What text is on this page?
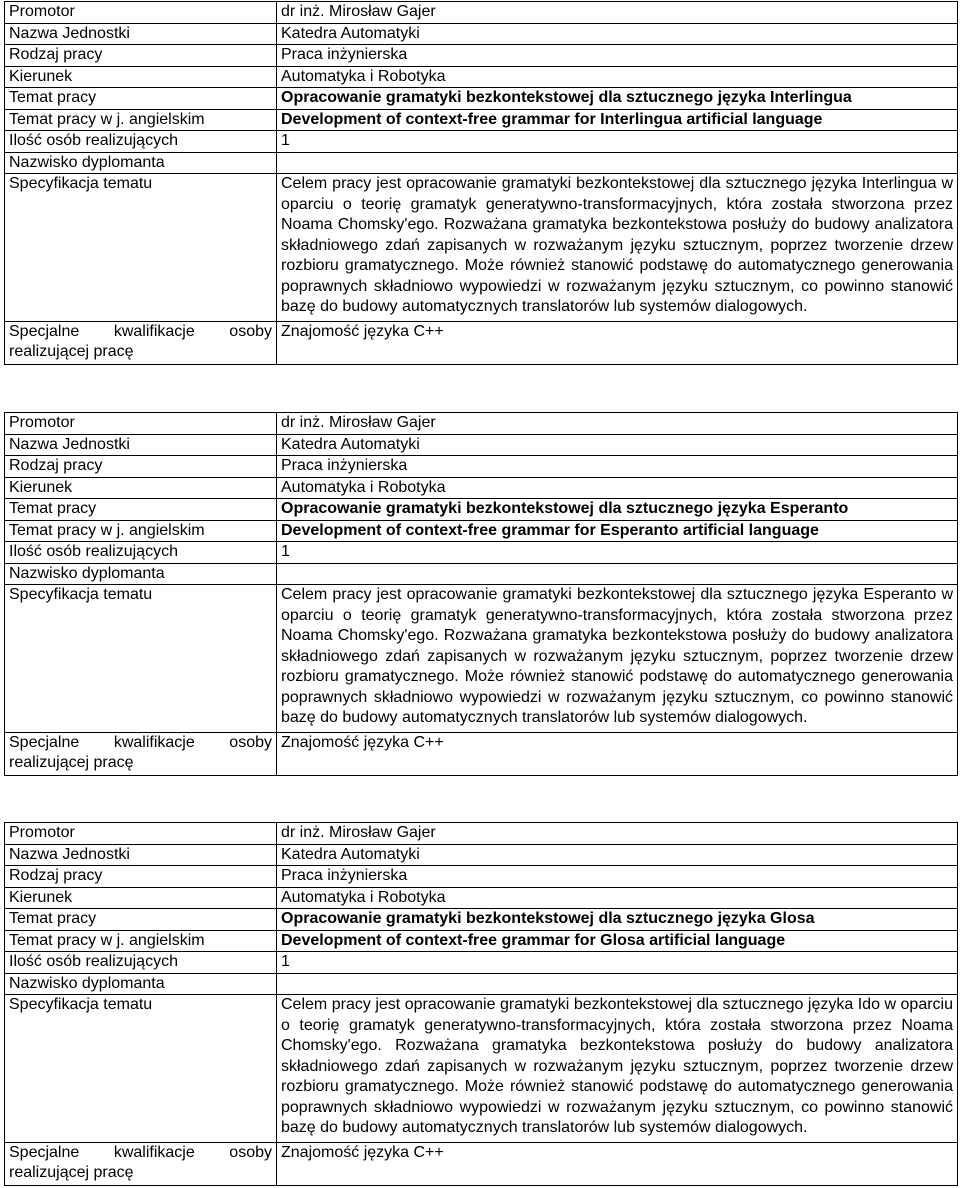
Promotor	dr inż. Mirosław Gajer
Nazwa Jednostki	Katedra Automatyki
Rodzaj pracy	Praca inżynierska
Kierunek	Automatyka i Robotyka
Temat pracy	Opracowanie gramatyki bezkontekstowej dla sztucznego języka Interlingua
Temat pracy w j. angielskim	Development of context-free grammar for Interlingua artificial language
Ilość osób realizujących	1
Nazwisko dyplomanta	
Specyfikacja tematu	Celem pracy jest opracowanie gramatyki bezkontekstowej dla sztucznego języka Interlingua w oparciu o teorię gramatyk generatywno-transformacyjnych, która została stworzona przez Noama Chomsky'ego. Rozważana gramatyka bezkontekstowa posłuży do budowy analizatora składniowego zdań zapisanych w rozważanym języku sztucznym, poprzez tworzenie drzew rozbioru gramatycznego. Może również stanowić podstawę do automatycznego generowania poprawnych składniowo wypowiedzi w rozważanym języku sztucznym, co powinno stanowić bazę do budowy automatycznych translatorów lub systemów dialogowych.

Specjalne kwalifikacje osoby
realizującej pracę	Znajomość języka C++
Promotor	dr inż. Mirosław Gajer
Nazwa Jednostki	Katedra Automatyki
Rodzaj pracy	Praca inżynierska
Kierunek	Automatyka i Robotyka
Temat pracy	Opracowanie gramatyki bezkontekstowej dla sztucznego języka Esperanto
Temat pracy w j. angielskim	Development of context-free grammar for Esperanto artificial language
Ilość osób realizujących	1
Nazwisko dyplomanta	
Specyfikacja tematu	Celem pracy jest opracowanie gramatyki bezkontekstowej dla sztucznego języka Esperanto w oparciu o teorię gramatyk generatywno-transformacyjnych, która została stworzona przez Noama Chomsky'ego. Rozważana gramatyka bezkontekstowa posłuży do budowy analizatora składniowego zdań zapisanych w rozważanym języku sztucznym, poprzez tworzenie drzew rozbioru gramatycznego. Może również stanowić podstawę do automatycznego generowania poprawnych składniowo wypowiedzi w rozważanym języku sztucznym, co powinno stanowić bazę do budowy automatycznych translatorów lub systemów dialogowych.

Specjalne kwalifikacje osoby
realizującej pracę	Znajomość języka C++
Promotor	dr inż. Mirosław Gajer
Nazwa Jednostki	Katedra Automatyki
Rodzaj pracy	Praca inżynierska
Kierunek	Automatyka i Robotyka
Temat pracy	Opracowanie gramatyki bezkontekstowej dla sztucznego języka Glosa
Temat pracy w j. angielskim	Development of context-free grammar for Glosa artificial language
Ilość osób realizujących	1
Nazwisko dyplomanta	
Specyfikacja tematu	Celem pracy jest opracowanie gramatyki bezkontekstowej dla sztucznego języka Ido w oparciu o teorię gramatyk generatywno-transformacyjnych, która została stworzona przez Noama Chomsky'ego. Rozważana gramatyka bezkontekstowa posłuży do budowy analizatora składniowego zdań zapisanych w rozważanym języku sztucznym, poprzez tworzenie drzew rozbioru gramatycznego. Może również stanowić podstawę do automatycznego generowania poprawnych składniowo wypowiedzi w rozważanym języku sztucznym, co powinno stanowić bazę do budowy automatycznych translatorów lub systemów dialogowych.

Specjalne kwalifikacje osoby
realizującej pracę	Znajomość języka C++
